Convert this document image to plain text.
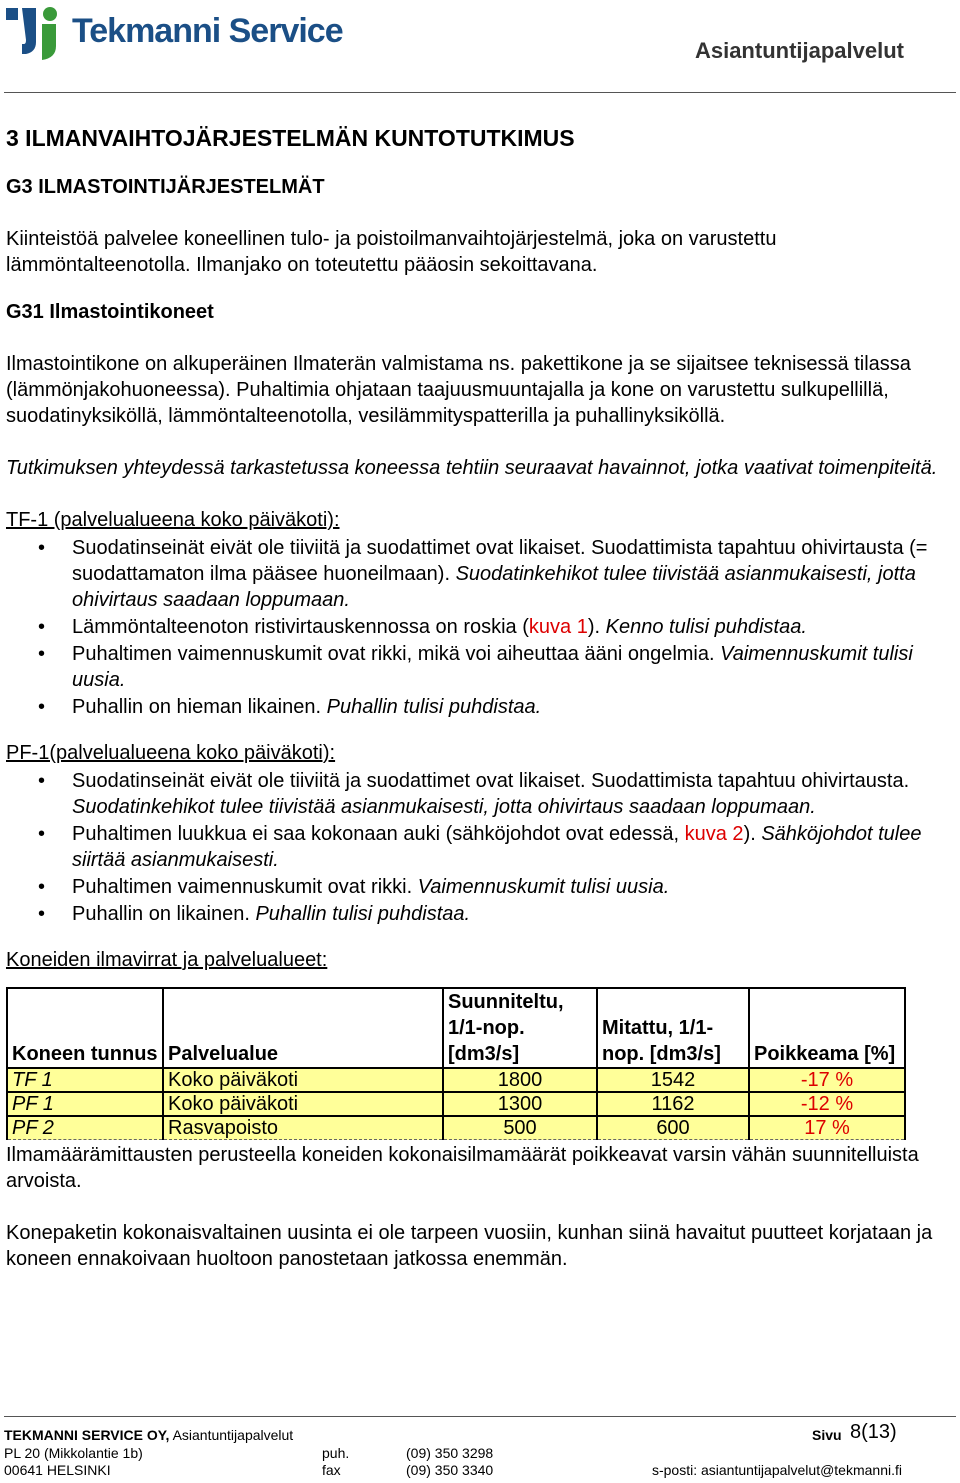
Tekmanni Service
Asiantuntijapalvelut
3 ILMANVAIHTOJÄRJESTELMÄN KUNTOTUTKIMUS
G3 ILMASTOINTIJÄRJESTELMÄT

Kiinteistöä palvelee koneellinen tulo- ja poistoilmanvaihtojärjestelmä, joka on varustettu lämmöntalteenotolla. Ilmanjako on toteutettu pääosin sekoittavana.

G31 Ilmastointikoneet

Ilmastointikone on alkuperäinen Ilmaterän valmistama ns. pakettikone ja se sijaitsee teknisessä tilassa (lämmönjakohuoneessa). Puhaltimia ohjataan taajuusmuuntajalla ja kone on varustettu sulkupellillä, suodatinyksiköllä, lämmöntalteenotolla, vesilämmityspatterilla ja puhallinyksiköllä.

Tutkimuksen yhteydessä tarkastetussa koneessa tehtiin seuraavat havainnot, jotka vaativat toimenpiteitä.

TF-1 (palvelualueena koko päiväkoti):

• Suodatinseinät eivät ole tiiviitä ja suodattimet ovat likaiset. Suodattimista tapahtuu ohivirtausta (= suodattamaton ilma pääsee huoneilmaan). Suodatinkehikot tulee tiivistää asianmukaisesti, jotta ohivirtaus saadaan loppumaan.
• Lämmöntalteenoton ristivirtauskennossa on roskia (kuva 1). Kenno tulisi puhdistaa.
• Puhaltimen vaimennuskumit ovat rikki, mikä voi aiheuttaa ääni ongelmia. Vaimennuskumit tulisi uusia.
• Puhallin on hieman likainen. Puhallin tulisi puhdistaa.

PF-1(palvelualueena koko päiväkoti):

• Suodatinseinät eivät ole tiiviitä ja suodattimet ovat likaiset. Suodattimista tapahtuu ohivirtausta. Suodatinkehikot tulee tiivistää asianmukaisesti, jotta ohivirtaus saadaan loppumaan.
• Puhaltimen luukkua ei saa kokonaan auki (sähköjohdot ovat edessä, kuva 2). Sähköjohdot tulee siirtää asianmukaisesti.
• Puhaltimen vaimennuskumit ovat rikki. Vaimennuskumit tulisi uusia.
• Puhallin on likainen. Puhallin tulisi puhdistaa.

Koneiden ilmavirrat ja palvelualueet:

Koneen tunnus	Palvelualue	Suunniteltu, 1/1-nop. [dm3/s]	Mitattu, 1/1-nop. [dm3/s]	Poikkeama [%]
TF 1	Koko päiväkoti	1800	1542	-17 %
PF 1	Koko päiväkoti	1300	1162	-12 %
PF 2	Rasvapoisto	500	600	17 %

Ilmamäärämittausten perusteella koneiden kokonaisilmamäärät poikkeavat varsin vähän suunnitelluista arvoista.

Konepaketin kokonaisvaltainen uusinta ei ole tarpeen vuosiin, kunhan siinä havaitut puutteet korjataan ja koneen ennakoivaan huoltoon panostetaan jatkossa enemmän.

TEKMANNI SERVICE OY, Asiantuntijapalvelut	Sivu 8(13)
PL 20 (Mikkolantie 1b)	puh.	(09) 350 3298
00641 HELSINKI	fax	(09) 350 3340	s-posti: asiantuntijapalvelut@tekmanni.fi
